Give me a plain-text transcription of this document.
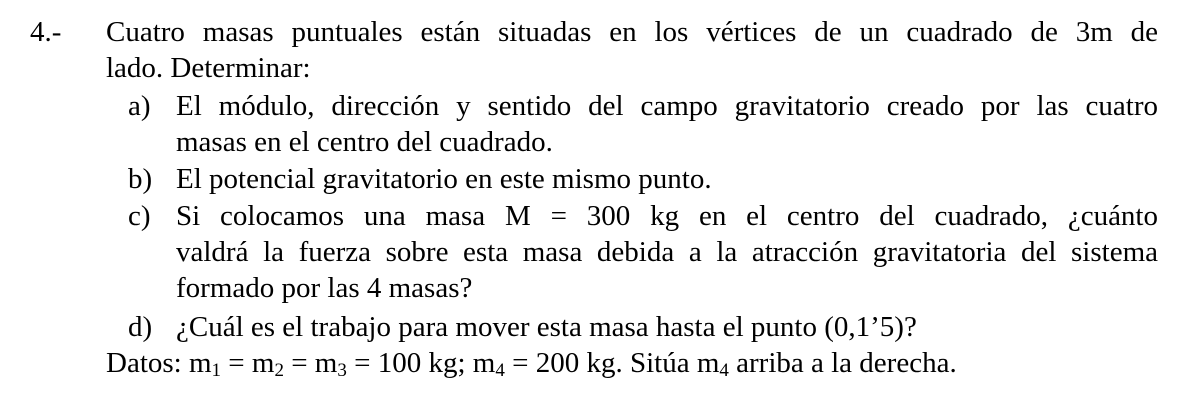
4.- Cuatro masas puntuales están situadas en los vértices de un cuadrado de 3m de
lado. Determinar:
a) El módulo, dirección y sentido del campo gravitatorio creado por las cuatro
masas en el centro del cuadrado.
b) El potencial gravitatorio en este mismo punto.
c) Si colocamos una masa M = 300 kg en el centro del cuadrado, ¿cuánto
valdrá la fuerza sobre esta masa debida a la atracción gravitatoria del sistema
formado por las 4 masas?
d) ¿Cuál es el trabajo para mover esta masa hasta el punto (0,1’5)?
Datos: $m_1 = m_2 = m_3 = 100$ kg; $m_4 = 200$ kg. Sitúa $m_4$ arriba a la derecha.
